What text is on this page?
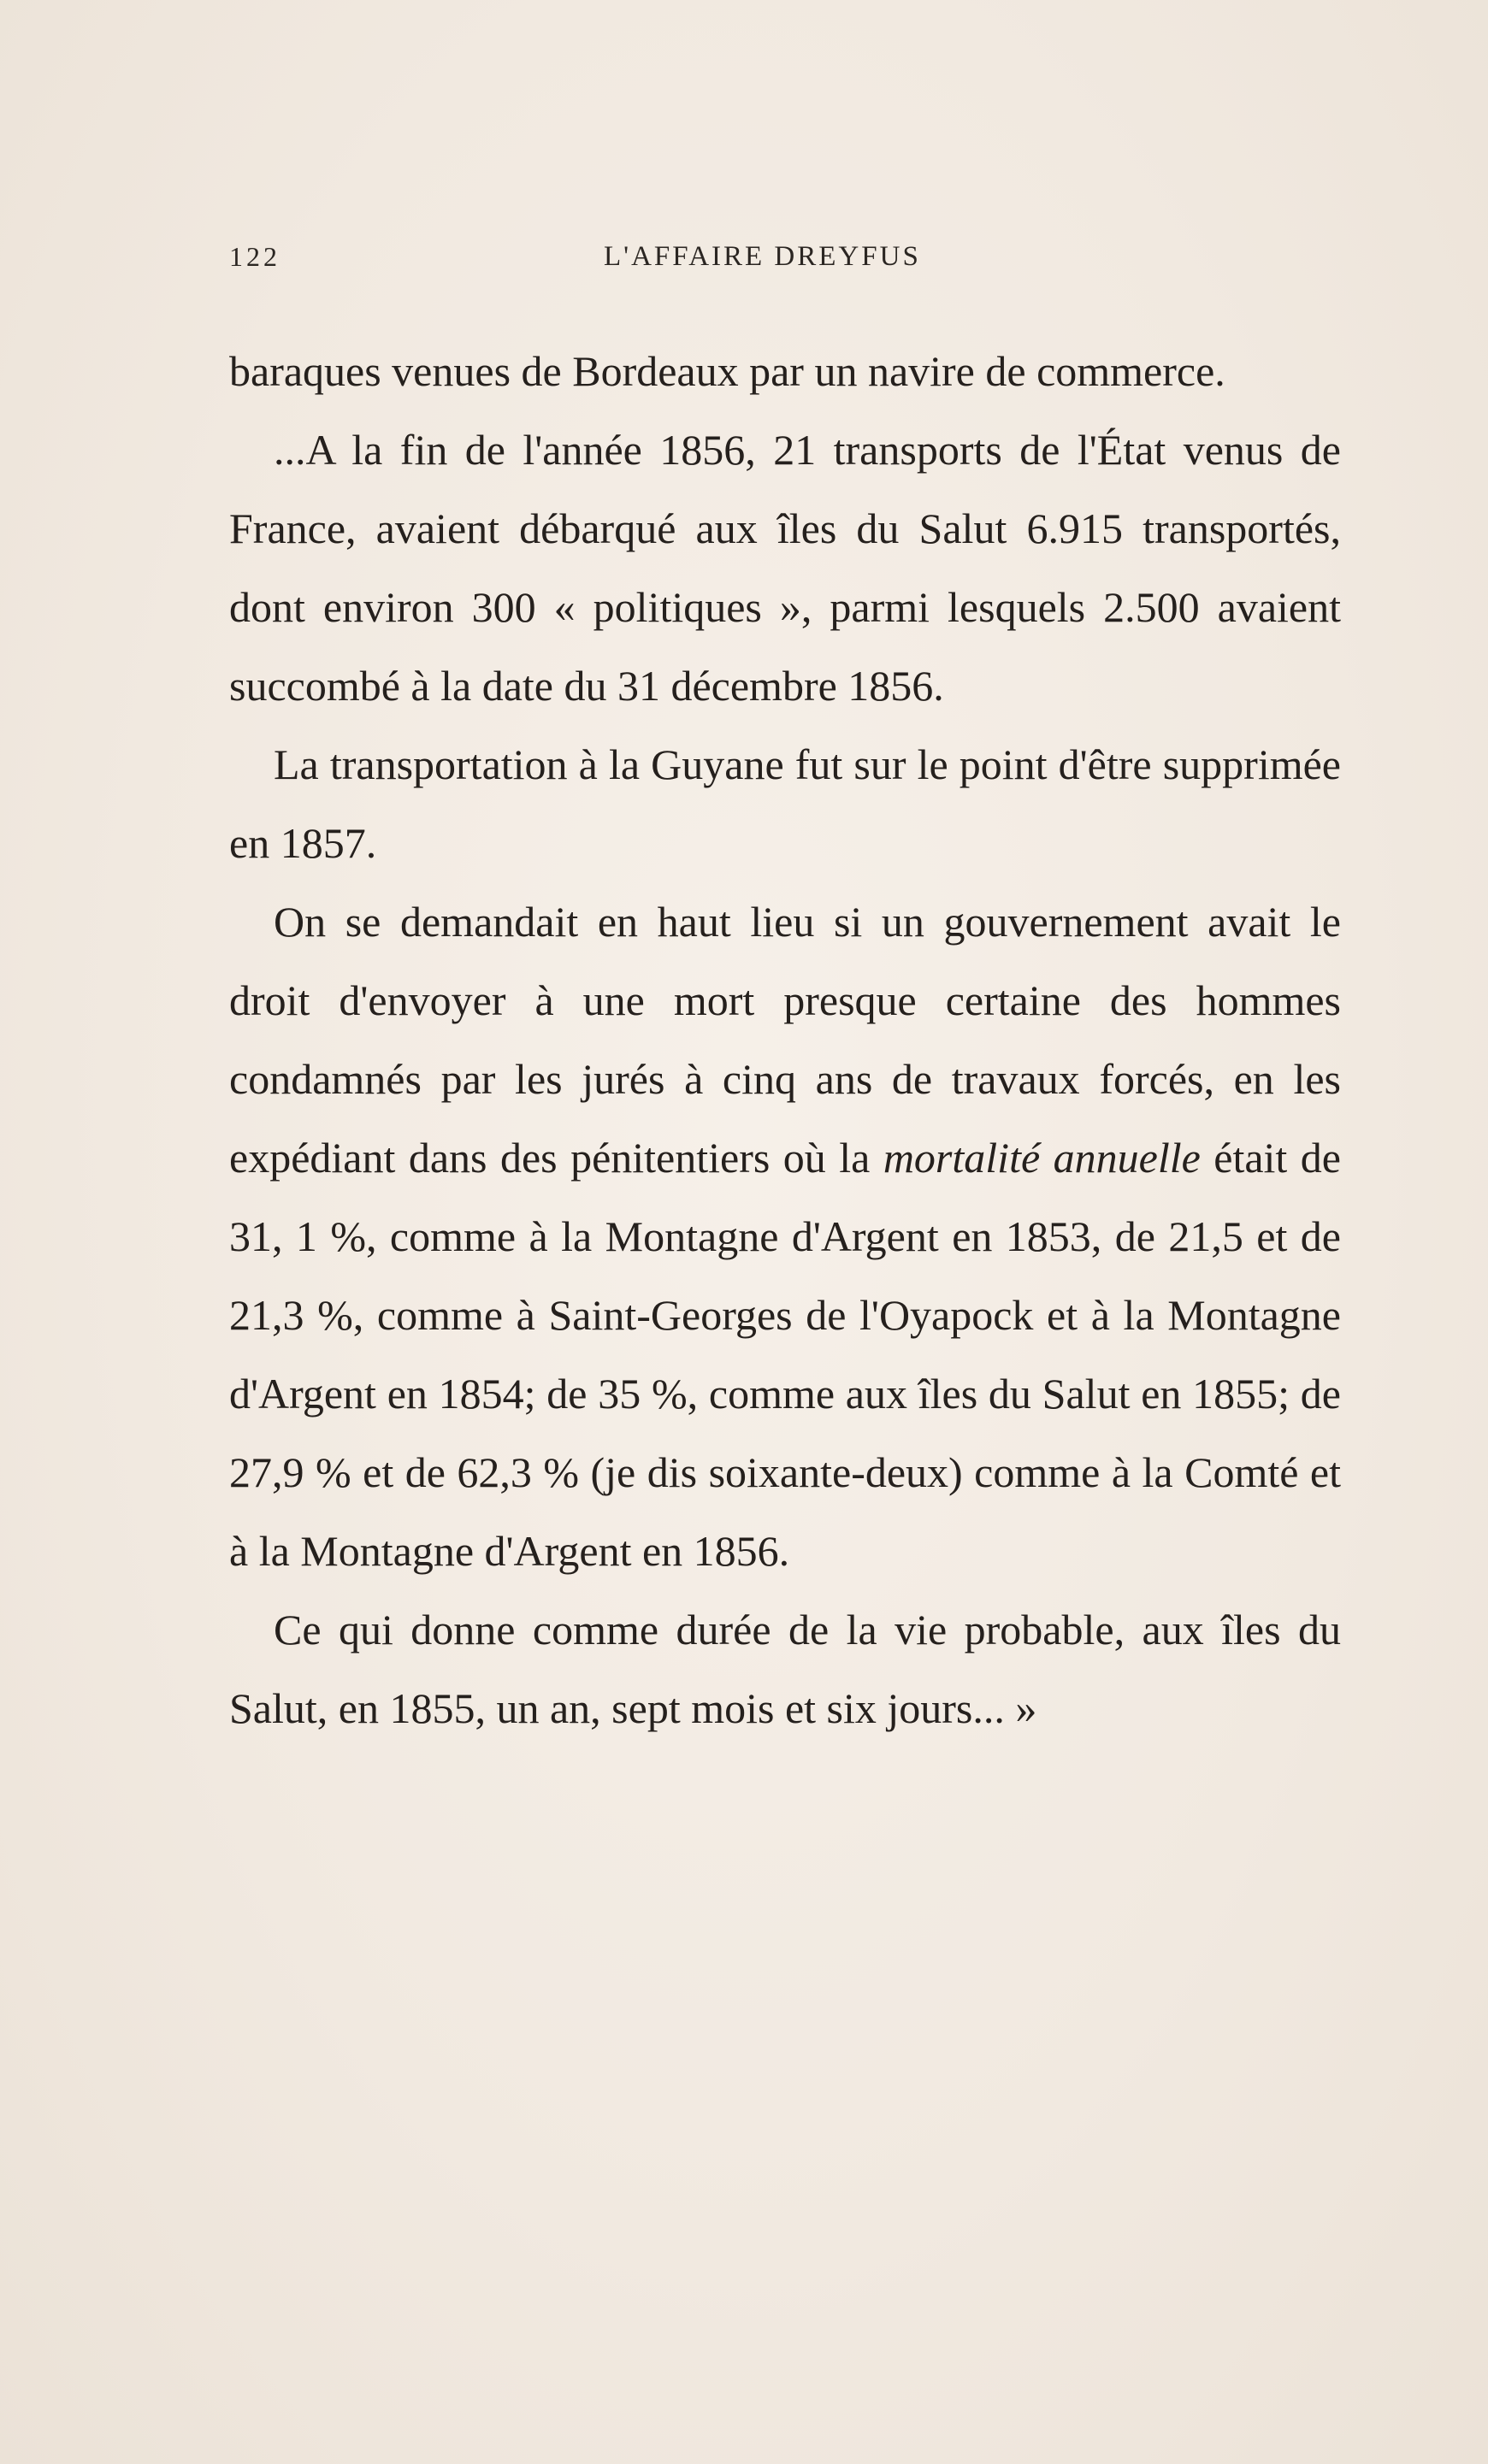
122	L'AFFAIRE DREYFUS

baraques venues de Bordeaux par un navire de commerce.

...A la fin de l'année 1856, 21 transports de l'État venus de France, avaient débarqué aux îles du Salut 6.915 transportés, dont environ 300 « politiques », parmi lesquels 2.500 avaient succombé à la date du 31 décembre 1856.

La transportation à la Guyane fut sur le point d'être supprimée en 1857.

On se demandait en haut lieu si un gouvernement avait le droit d'envoyer à une mort presque certaine des hommes condamnés par les jurés à cinq ans de travaux forcés, en les expédiant dans des pénitentiers où la mortalité annuelle était de 31, 1 %, comme à la Montagne d'Argent en 1853, de 21,5 et de 21,3 %, comme à Saint-Georges de l'Oyapock et à la Montagne d'Argent en 1854; de 35 %, comme aux îles du Salut en 1855; de 27,9 % et de 62,3 % (je dis soixante-deux) comme à la Comté et à la Montagne d'Argent en 1856.

Ce qui donne comme durée de la vie probable, aux îles du Salut, en 1855, un an, sept mois et six jours... »
